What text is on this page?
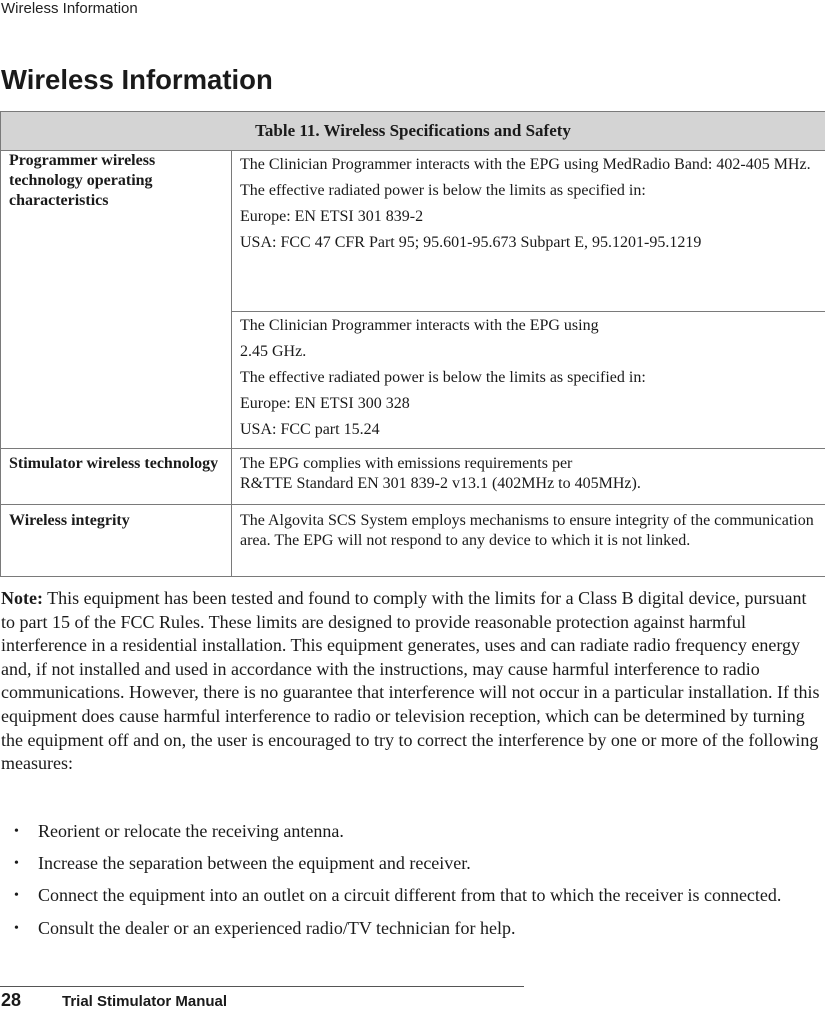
Wireless Information
Wireless Information
Table 11. Wireless Specifications and Safety	
Programmer wireless technology operating characteristics	The Clinician Programmer interacts with the EPG using MedRadio Band: 402-405 MHz.

The effective radiated power is below the limits as specified in:

Europe: EN ETSI 301 839-2

USA: FCC 47 CFR Part 95; 95.601-95.673 Subpart E, 95.1201-95.1219

	The Clinician Programmer interacts with the EPG using

2.45 GHz.

The effective radiated power is below the limits as specified in:

Europe: EN ETSI 300 328

USA: FCC part 15.24

Stimulator wireless technology	The EPG complies with emissions requirements per
R&TTE Standard EN 301 839-2 v13.1 (402MHz to 405MHz).

Wireless integrity	The Algovita SCS System employs mechanisms to ensure integrity of the communication area. The EPG will not respond to any device to which it is not linked.

Note: This equipment has been tested and found to comply with the limits for a Class B digital device, pursuant to part 15 of the FCC Rules. These limits are designed to provide reasonable protection against harmful interference in a residential installation. This equipment generates, uses and can radiate radio frequency energy and, if not installed and used in accordance with the instructions, may cause harmful interference to radio communications. However, there is no guarantee that interference will not occur in a particular installation. If this equipment does cause harmful interference to radio or television reception, which can be determined by turning the equipment off and on, the user is encouraged to try to correct the interference by one or more of the following measures:

• Reorient or relocate the receiving antenna.
• Increase the separation between the equipment and receiver.
• Connect the equipment into an outlet on a circuit different from that to which the receiver is connected.
• Consult the dealer or an experienced radio/TV technician for help.
28	Trial Stimulator Manual
